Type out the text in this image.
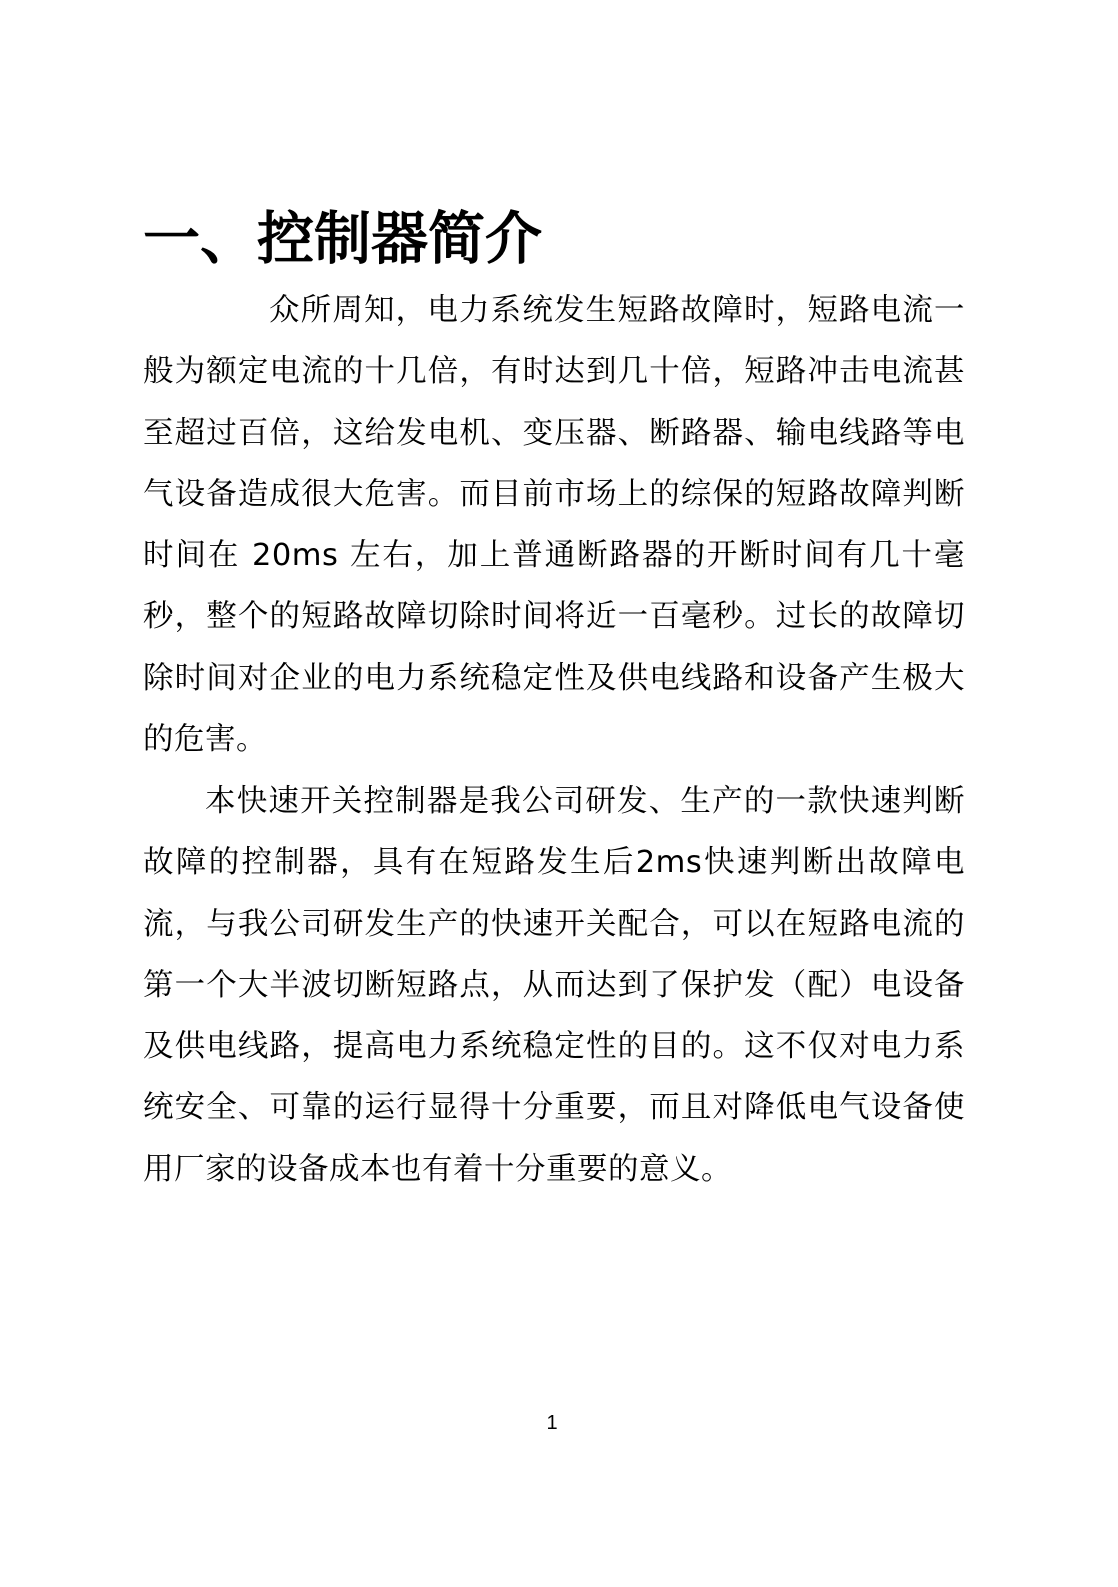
一、控制器简介

众所周知，电力系统发生短路故障时，短路电流一般为额定电流的十几倍，有时达到几十倍，短路冲击电流甚至超过百倍，这给发电机、变压器、断路器、输电线路等电气设备造成很大危害。而目前市场上的综保的短路故障判断时间在 20ms 左右，加上普通断路器的开断时间有几十毫秒，整个的短路故障切除时间将近一百毫秒。过长的故障切除时间对企业的电力系统稳定性及供电线路和设备产生极大的危害。

本快速开关控制器是我公司研发、生产的一款快速判断故障的控制器，具有在短路发生后2ms快速判断出故障电流，与我公司研发生产的快速开关配合，可以在短路电流的第一个大半波切断短路点，从而达到了保护发（配）电设备及供电线路，提高电力系统稳定性的目的。这不仅对电力系统安全、可靠的运行显得十分重要，而且对降低电气设备使用厂家的设备成本也有着十分重要的意义。

1
